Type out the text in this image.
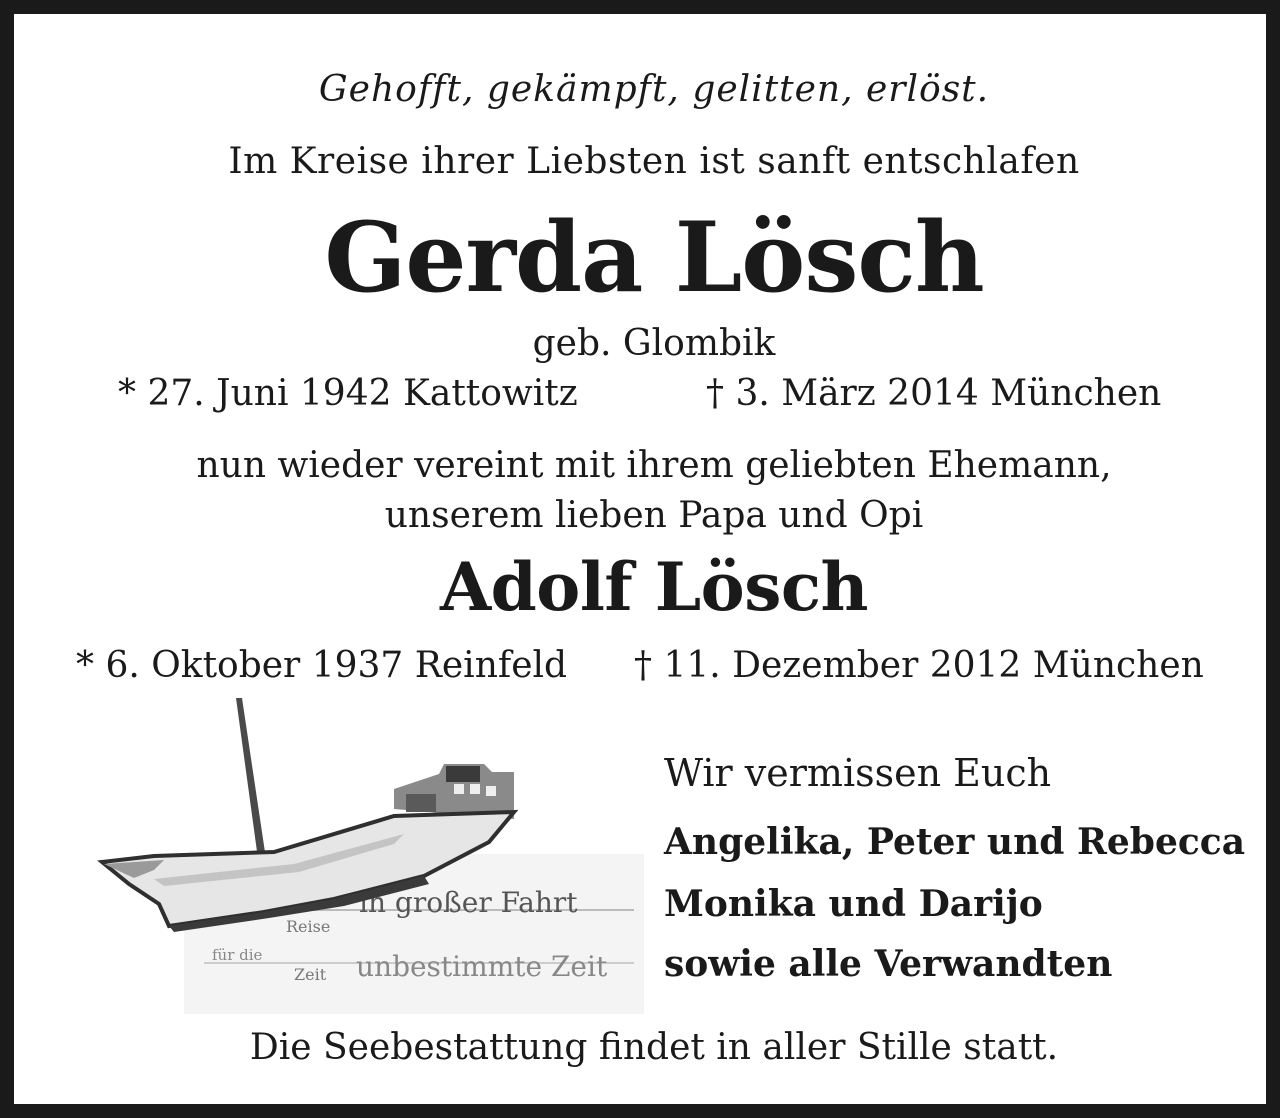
Gehofft, gekämpft, gelitten, erlöst.
Im Kreise ihrer Liebsten ist sanft entschlafen
Gerda Lösch
geb. Glombik
* 27. Juni 1942 Kattowitz	† 3. März 2014 München
nun wieder vereint mit ihrem geliebten Ehemann,
unserem lieben Papa und Opi
Adolf Lösch
* 6. Oktober 1937 Reinfeld † 11. Dezember 2012 München
in großer Fahrt
Reise
für die
Zeit unbestimmte Zeit
Wir vermissen Euch
Angelika, Peter und Rebecca
Monika und Darijo
sowie alle Verwandten
Die Seebestattung findet in aller Stille statt.
